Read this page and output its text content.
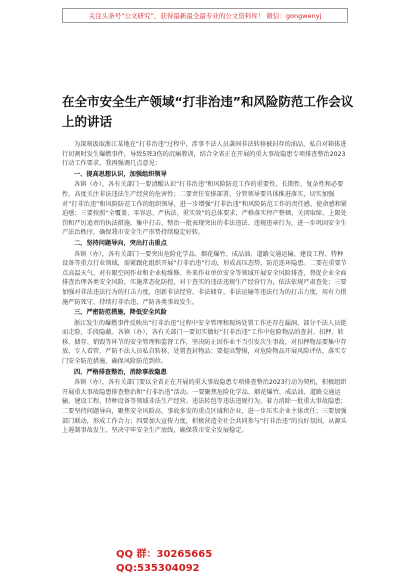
关注头条号“公文研究”，获得最新最全最专业的公文资料库！ 微信：gongwenyj
在全市安全生产领域“打非治违”和风险防范工作会议上的讲话

为深刻汲取浙江某地在“打非治违”过程中，涉事不法人员袭间非法转移被封存的油品，私自对箱体进行切割时发生爆燃事件，导致5死3伤的沉痛教训，结合全省正在开展的重大事故隐患专项排查整治2023行动工作要求，我再强调几点意见：

一、提高思想认识，加强组织领导

各镇（办），各有关部门一要清醒认识“打非治违”和风险防范工作的重要性、长期性、复杂性和必要性，高度关注非法违法生产经营的危害性；二要责任安排部署，分管领导要具体推进落实，切实加强对“打非治违”和风险防范工作的组织领导，进一步增强“打非治违”和风险防范工作的责任感、使命感和紧迫感；三要按照“全覆盖、零容忍、严执法、重实效”的总体要求，严格落实停产整顿、关闭取缔、上限处罚和严厉追责的执法措施，集中打击、整治一批表现突出的非法违法、违规违章行为，进一步巩固安全生产法治秩序，确保我市安全生产形势持续稳定好转。

二、坚持问题导向，突出打击重点

各镇（办），各有关部门一要突出危险化学品、烟花爆竹、成品油、道路交通运输、建设工程、特种设备等重点行业领域，需紧跟化组织开展“打非治违”行动，形成高压态势，防范连环隐患。二要在重要节点高温天气、对有限空间作业和企业检维修、外来作业单位安全等领域开展安全风险排查，督促企业全面排查治理各类安全风险，实施常态化防控，对于查实的违法违规生产经营行为，依法依规严肃查处；三要加强对非法违法行为的打击力度，创新非法经营、非法储存、非法运输等违法行为的打击力度，用有力措施严防死守、持续打非治违，严防各类事故发生。

三、严密防范措施，降低安全风险

浙江发生的爆燃事件反映出“打非治违”过程中安全管理和现场处置工作还存在漏洞，部分不法人员铤而走险，手段隐蔽。各镇（办），各有关部门一要切实做好“打非治违”工作中危险物品的查封、扣押、转移、储存、销毁等环节的安全管理和监督工作，坚决防止因作业不当引发次生事故，对扣押物品要集中存放、专人看管，严防不法人员私自转移、处置查封物品；要提高警惕，对危险物品开展风险评估，落实专门安全防范措施，确保风险防范到位。

四、严格排查整治，消除事故隐患

各镇（办），各有关部门要以全省正在开展的重大事故隐患专项排查整治2023行动为契机，积极组织开展重大事故隐患排查整治和“打非治违”活动。一要聚焦危险化学品、烟花爆竹、成品油、道路交通运输、建设工程、特种设备等领域非法生产经营、违法转包等违法违规行为，着力消除一批重大事故隐患；二要坚持问题导向，聚焦安全风险高、事故多发的重点区域和企业，进一步压实企业主体责任；三要加强部门联动，形成工作合力；四要加大宣传力度，积极营造全社会共同参与“打非治违”的良好氛围，从源头上遏制事故发生，坚决守牢安全生产底线，确保我市安全发展稳定。

QQ 群：30265665 QQ:535304092
